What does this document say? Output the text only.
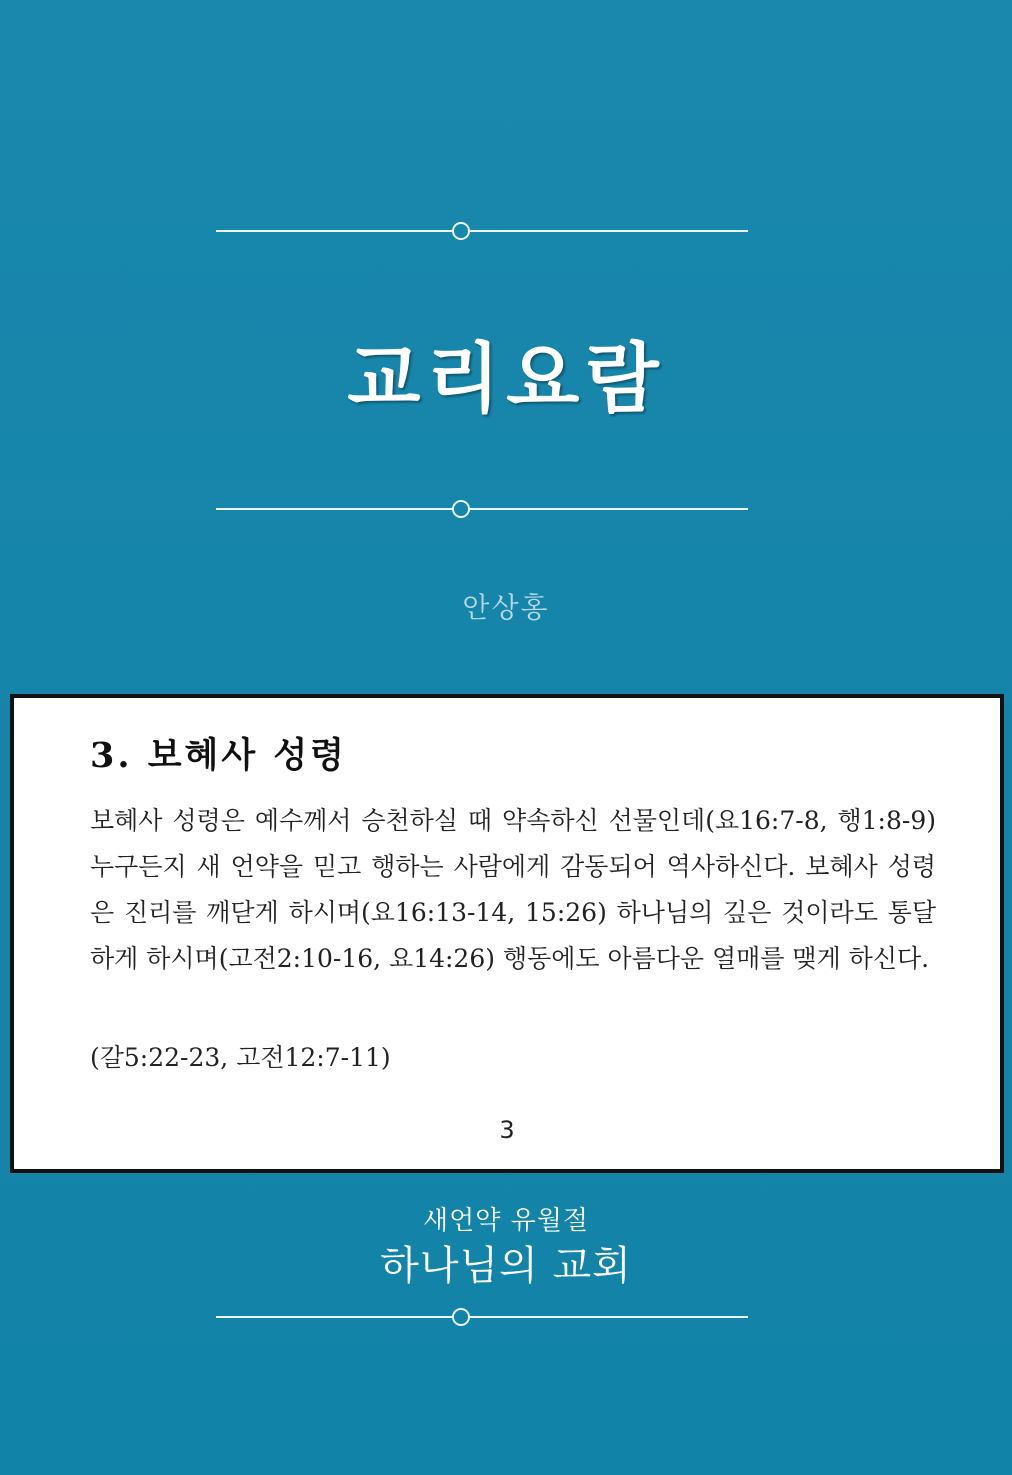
교리요람
안상홍
3. 보혜사 성령

보혜사 성령은 예수께서 승천하실 때 약속하신 선물인데(요16:7-8, 행1:8-9) 누구든지 새 언약을 믿고 행하는 사람에게 감동되어 역사하신다. 보혜사 성령은 진리를 깨닫게 하시며(요16:13-14, 15:26) 하나님의 깊은 것이라도 통달하게 하시며(고전2:10-16, 요14:26) 행동에도 아름다운 열매를 맺게 하신다.

(갈5:22-23, 고전12:7-11)

3
새언약 유월절
하나님의 교회
